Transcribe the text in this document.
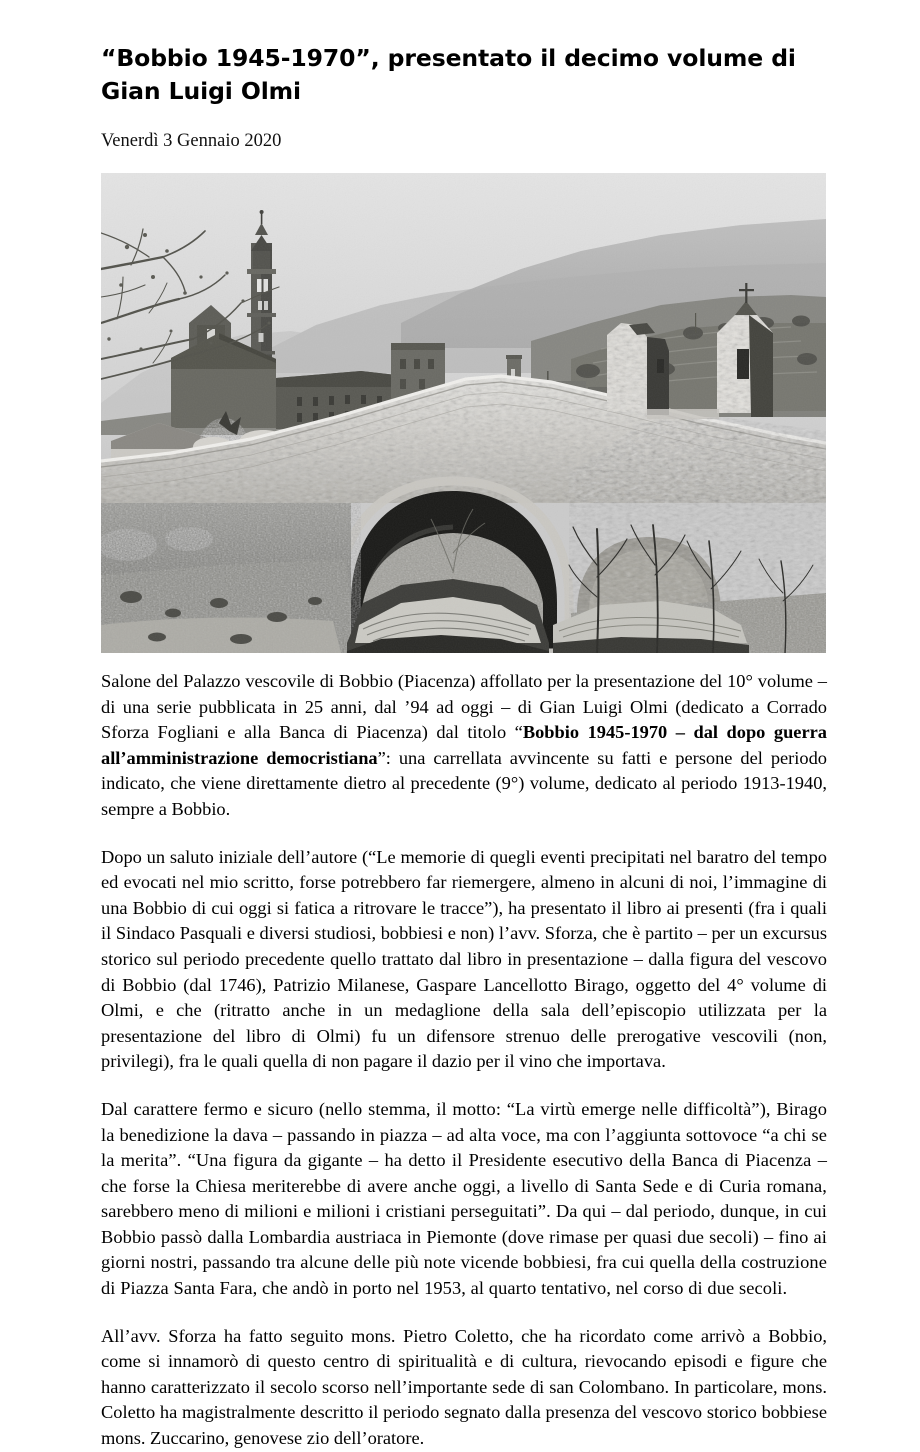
“Bobbio 1945-1970”, presentato il decimo volume di Gian Luigi Olmi
Venerdì 3 Gennaio 2020

Salone del Palazzo vescovile di Bobbio (Piacenza) affollato per la presentazione del 10° volume – di una serie pubblicata in 25 anni, dal ’94 ad oggi – di Gian Luigi Olmi (dedicato a Corrado Sforza Fogliani e alla Banca di Piacenza) dal titolo “Bobbio 1945-1970 – dal dopo guerra all’amministrazione democristiana”: una carrellata avvincente su fatti e persone del periodo indicato, che viene direttamente dietro al precedente (9°) volume, dedicato al periodo 1913-1940, sempre a Bobbio.

Dopo un saluto iniziale dell’autore (“Le memorie di quegli eventi precipitati nel baratro del tempo ed evocati nel mio scritto, forse potrebbero far riemergere, almeno in alcuni di noi, l’immagine di una Bobbio di cui oggi si fatica a ritrovare le tracce”), ha presentato il libro ai presenti (fra i quali il Sindaco Pasquali e diversi studiosi, bobbiesi e non) l’avv. Sforza, che è partito – per un excursus storico sul periodo precedente quello trattato dal libro in presentazione – dalla figura del vescovo di Bobbio (dal 1746), Patrizio Milanese, Gaspare Lancellotto Birago, oggetto del 4° volume di Olmi, e che (ritratto anche in un medaglione della sala dell’episcopio utilizzata per la presentazione del libro di Olmi) fu un difensore strenuo delle prerogative vescovili (non, privilegi), fra le quali quella di non pagare il dazio per il vino che importava.

Dal carattere fermo e sicuro (nello stemma, il motto: “La virtù emerge nelle difficoltà”), Birago la benedizione la dava – passando in piazza – ad alta voce, ma con l’aggiunta sottovoce “a chi se la merita”. “Una figura da gigante – ha detto il Presidente esecutivo della Banca di Piacenza – che forse la Chiesa meriterebbe di avere anche oggi, a livello di Santa Sede e di Curia romana, sarebbero meno di milioni e milioni i cristiani perseguitati”. Da qui – dal periodo, dunque, in cui Bobbio passò dalla Lombardia austriaca in Piemonte (dove rimase per quasi due secoli) – fino ai giorni nostri, passando tra alcune delle più note vicende bobbiesi, fra cui quella della costruzione di Piazza Santa Fara, che andò in porto nel 1953, al quarto tentativo, nel corso di due secoli.

All’avv. Sforza ha fatto seguito mons. Pietro Coletto, che ha ricordato come arrivò a Bobbio, come si innamorò di questo centro di spiritualità e di cultura, rievocando episodi e figure che hanno caratterizzato il secolo scorso nell’importante sede di san Colombano. In particolare, mons. Coletto ha magistralmente descritto il periodo segnato dalla presenza del vescovo storico bobbiese mons. Zuccarino, genovese zio dell’oratore.
